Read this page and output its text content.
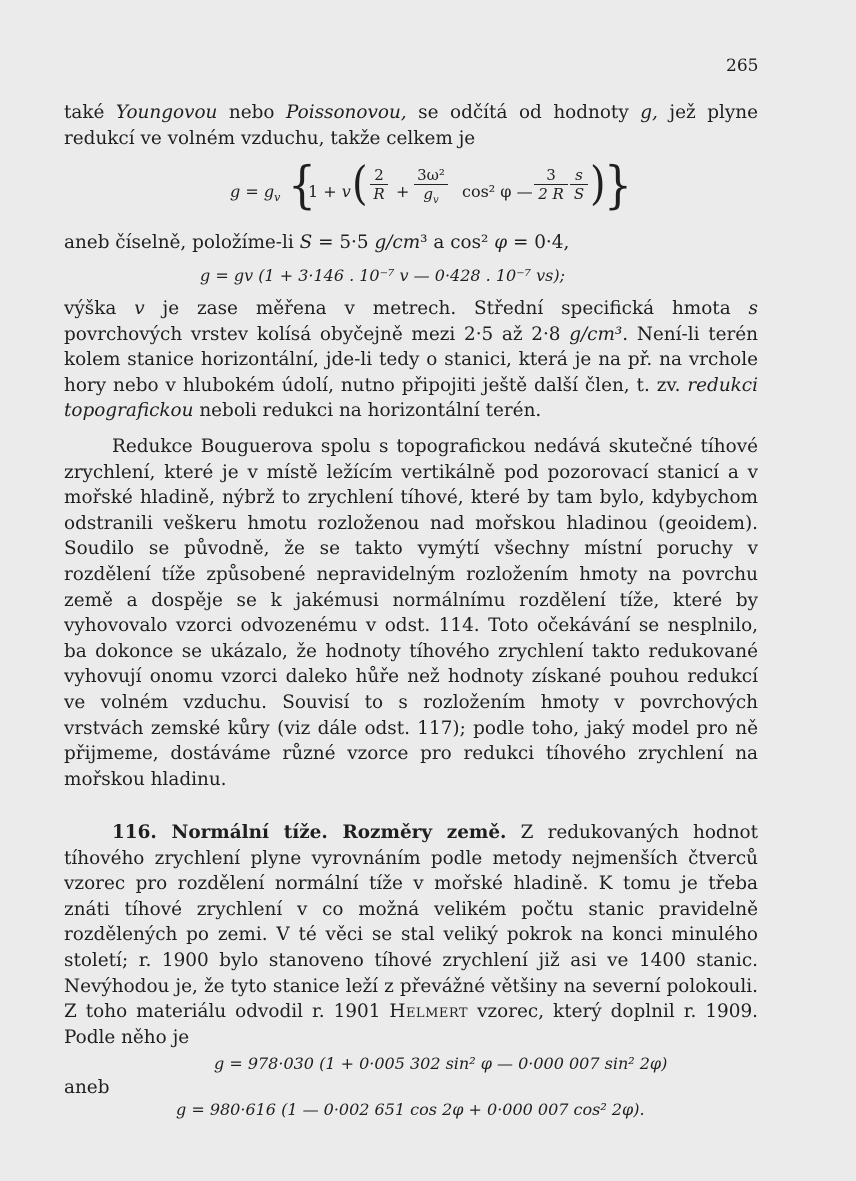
265

také Youngovou nebo Poissonovou, se odčítá od hodnoty g, jež plyne redukcí ve volném vzduchu, takže celkem je

$g = g_v$ {
1 + v ( $\frac{2}{R} + \frac{\text{3ω²}}{g_v} \cos^2$ φ — $\frac{3}{2 R} \frac{s}{S}$ )
}

aneb číselně, položíme-li S = 5·5 g/cm³ a cos² φ = 0·4,

g = gv (1 + 3·146 . 10⁻⁷ v — 0·428 . 10⁻⁷ vs);

výška v je zase měřena v metrech. Střední specifická hmota s povrchových vrstev kolísá obyčejně mezi 2·5 až 2·8 g/cm³. Není-li terén kolem stanice horizontální, jde-li tedy o stanici, která je na př. na vrchole hory nebo v hlubokém údolí, nutno připojiti ještě další člen, t. zv. redukci topografickou neboli redukci na horizontální terén.

Redukce Bouguerova spolu s topografickou nedává skutečné tíhové zrychlení, které je v místě ležícím vertikálně pod pozorovací stanicí a v mořské hladině, nýbrž to zrychlení tíhové, které by tam bylo, kdybychom odstranili veškeru hmotu rozloženou nad mořskou hladinou (geoidem). Soudilo se původně, že se takto vymýtí všechny místní poruchy v rozdělení tíže způsobené nepravidelným rozložením hmoty na povrchu země a dospěje se k jakémusi normálnímu rozdělení tíže, které by vyhovovalo vzorci odvozenému v odst. 114. Toto očekávání se nesplnilo, ba dokonce se ukázalo, že hodnoty tíhového zrychlení takto redukované vyhovují onomu vzorci daleko hůře než hodnoty získané pouhou redukcí ve volném vzduchu. Souvisí to s rozložením hmoty v povrchových vrstvách zemské kůry (viz dále odst. 117); podle toho, jaký model pro ně přijmeme, dostáváme různé vzorce pro redukci tíhového zrychlení na mořskou hladinu.

116. Normální tíže. Rozměry země. Z redukovaných hodnot tíhového zrychlení plyne vyrovnáním podle metody nejmenších čtverců vzorec pro rozdělení normální tíže v mořské hladině. K tomu je třeba znáti tíhové zrychlení v co možná velikém počtu stanic pravidelně rozdělených po zemi. V té věci se stal veliký pokrok na konci minulého století; r. 1900 bylo stanoveno tíhové zrychlení již asi ve 1400 stanic. Nevýhodou je, že tyto stanice leží z převážné většiny na severní polokouli. Z toho materiálu odvodil r. 1901 Helmert vzorec, který doplnil r. 1909. Podle něho je

g = 978·030 (1 + 0·005 302 sin² φ — 0·000 007 sin² 2φ)
aneb
g = 980·616 (1 — 0·002 651 cos 2φ + 0·000 007 cos² 2φ).
